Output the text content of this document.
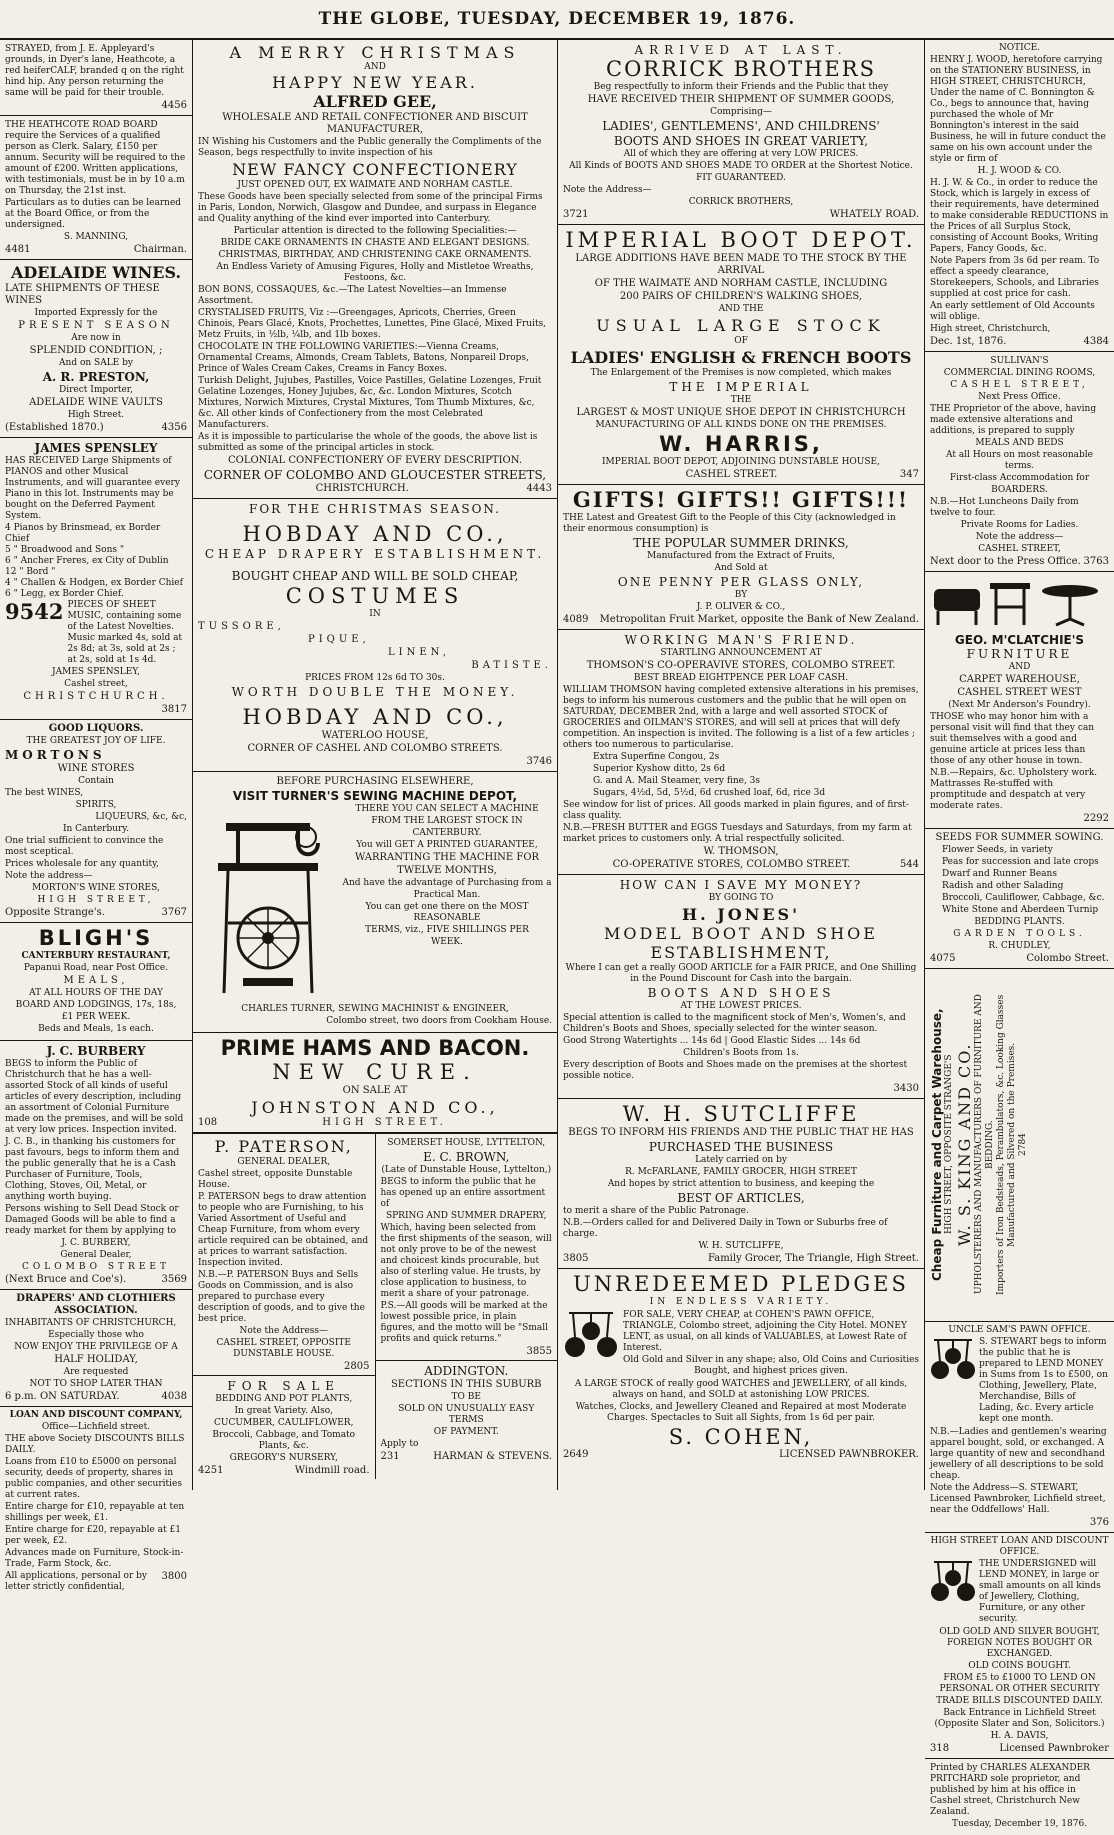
THE GLOBE, TUESDAY, DECEMBER 19, 1876.

STRAYED, from J. E. Appleyard's grounds, in Dyer's lane, Heathcote, a red heiferCALF, branded q on the right hind hip. Any person returning the same will be paid for their trouble.

4456

THE HEATHCOTE ROAD BOARD require the Services of a qualified person as Clerk. Salary, £150 per annum. Security will be required to the amount of £200. Written applications, with testimonials, must be in by 10 a.m on Thursday, the 21st inst.

Particulars as to duties can be learned at the Board Office, or from the undersigned.

S. MANNING,

4481	Chairman.
ADELAIDE WINES.

LATE SHIPMENTS OF THESE WINES

Imported Expressly for the

PRESENT SEASON

Are now in

SPLENDID CONDITION, ;

And on SALE by

A. R. PRESTON,

Direct Importer,

ADELAIDE WINE VAULTS

High Street.

(Established 1870.)	4356
JAMES SPENSLEY

HAS RECEIVED Large Shipments of PIANOS and other Musical Instruments, and will guarantee every Piano in this lot. Instruments may be bought on the Deferred Payment System.

4 Pianos by Brinsmead, ex Border Chief
5 " Broadwood and Sons "
6 " Ancher Freres, ex City of Dublin
12 " Bord "
4 " Challen & Hodgen, ex Border Chief
6 " Legg, ex Border Chief.
9542 PIECES OF SHEET MUSIC, containing some of the Latest Novelties. Music marked 4s, sold at 2s 8d; at 3s, sold at 2s ; at 2s, sold at 1s 4d.

JAMES SPENSLEY,

Cashel street,

CHRISTCHURCH.

3817
GOOD LIQUORS.

THE GREATEST JOY OF LIFE.

MORTONS

WINE STORES

Contain

The best WINES,

SPIRITS,

LIQUEURS, &c, &c,

In Canterbury.

One trial sufficient to convince the most sceptical.

Prices wholesale for any quantity,

Note the address—

MORTON'S WINE STORES,

HIGH STREET,

Opposite Strange's.	3767
BLIGH'S

CANTERBURY RESTAURANT,

Papanui Road, near Post Office.

MEALS,

AT ALL HOURS OF THE DAY

BOARD AND LODGINGS, 17s, 18s,

£1 PER WEEK.

Beds and Meals, 1s each.

J. C. BURBERY

BEGS to inform the Public of Christchurch that he has a well-assorted Stock of all kinds of useful articles of every description, including an assortment of Colonial Furniture made on the premises, and will be sold at very low prices. Inspection invited.

J. C. B., in thanking his customers for past favours, begs to inform them and the public generally that he is a Cash Purchaser of Furniture, Tools, Clothing, Stoves, Oil, Metal, or anything worth buying.

Persons wishing to Sell Dead Stock or Damaged Goods will be able to find a ready market for them by applying to

J. C. BURBERY,

General Dealer,

COLOMBO STREET

(Next Bruce and Coe's).	3569
DRAPERS' AND CLOTHIERS ASSOCIATION.

INHABITANTS OF CHRISTCHURCH,

Especially those who

NOW ENJOY THE PRIVILEGE OF A

HALF HOLIDAY,

Are requested

NOT TO SHOP LATER THAN

6 p.m. ON SATURDAY.	4038
LOAN AND DISCOUNT COMPANY,

Office—Lichfield street.

THE above Society DISCOUNTS BILLS DAILY.

Loans from £10 to £5000 on personal security, deeds of property, shares in public companies, and other securities at current rates.

Entire charge for £10, repayable at ten shillings per week, £1.

Entire charge for £20, repayable at £1 per week, £2.

Advances made on Furniture, Stock-in-Trade, Farm Stock, &c.

All applications, personal or by letter strictly confidential,
3800
A MERRY CHRISTMAS
AND
HAPPY NEW YEAR.
ALFRED GEE,

WHOLESALE AND RETAIL CONFECTIONER AND BISCUIT MANUFACTURER,

IN Wishing his Customers and the Public generally the Compliments of the Season, begs respectfully to invite inspection of his

NEW FANCY CONFECTIONERY

JUST OPENED OUT, EX WAIMATE AND NORHAM CASTLE.

These Goods have been specially selected from some of the principal Firms in Paris, London, Norwich, Glasgow and Dundee, and surpass in Elegance and Quality anything of the kind ever imported into Canterbury.

Particular attention is directed to the following Specialities:—

BRIDE CAKE ORNAMENTS IN CHASTE AND ELEGANT DESIGNS.

CHRISTMAS, BIRTHDAY, AND CHRISTENING CAKE ORNAMENTS.

An Endless Variety of Amusing Figures, Holly and Mistletoe Wreaths, Festoons, &c.

BON BONS, COSSAQUES, &c.—The Latest Novelties—an Immense Assortment.

CRYSTALISED FRUITS, Viz :—Greengages, Apricots, Cherries, Green Chinois, Pears Glacé, Knots, Prochettes, Lunettes, Pine Glacé, Mixed Fruits, Metz Fruits, in ½lb, ¼lb, and 1lb boxes.

CHOCOLATE IN THE FOLLOWING VARIETIES:—Vienna Creams, Ornamental Creams, Almonds, Cream Tablets, Batons, Nonpareil Drops, Prince of Wales Cream Cakes, Creams in Fancy Boxes.

Turkish Delight, Jujubes, Pastilles, Voice Pastilles, Gelatine Lozenges, Fruit Gelatine Lozenges, Honey Jujubes, &c, &c. London Mixtures, Scotch Mixtures, Norwich Mixtures, Crystal Mixtures, Tom Thumb Mixtures, &c, &c. All other kinds of Confectionery from the most Celebrated Manufacturers.

As it is impossible to particularise the whole of the goods, the above list is submitted as some of the principal articles in stock.

COLONIAL CONFECTIONERY OF EVERY DESCRIPTION.

CORNER OF COLOMBO AND GLOUCESTER STREETS,

CHRISTCHURCH.	4443
FOR THE CHRISTMAS SEASON.
HOBDAY AND CO.,

CHEAP DRAPERY ESTABLISHMENT.

BOUGHT CHEAP AND WILL BE SOLD CHEAP,

COSTUMES

IN

TUSSORE,

PIQUE,

LINEN,

BATISTE.

PRICES FROM 12s 6d TO 30s.

WORTH DOUBLE THE MONEY.

HOBDAY AND CO.,

WATERLOO HOUSE,

CORNER OF CASHEL AND COLOMBO STREETS.

3746

BEFORE PURCHASING ELSEWHERE,

VISIT TURNER'S SEWING MACHINE DEPOT,

THERE YOU CAN SELECT A MACHINE

FROM THE LARGEST STOCK IN

CANTERBURY.

You will GET A PRINTED GUARANTEE,

WARRANTING THE MACHINE FOR

TWELVE MONTHS,

And have the advantage of Purchasing from a

Practical Man.

You can get one there on the MOST REASONABLE

TERMS, viz., FIVE SHILLINGS PER

WEEK.

CHARLES TURNER, SEWING MACHINIST & ENGINEER,

Colombo street, two doors from Cookham House.

PRIME HAMS AND BACON.
NEW CURE.

ON SALE AT

JOHNSTON AND CO.,
108	HIGH STREET.
P. PATERSON,

GENERAL DEALER,

Cashel street, opposite Dunstable House.

P. PATERSON begs to draw attention to people who are Furnishing, to his Varied Assortment of Useful and Cheap Furniture, from whom every article required can be obtained, and at prices to warrant satisfaction. Inspection invited.

N.B.—P. PATERSON Buys and Sells Goods on Commission, and is also prepared to purchase every description of goods, and to give the best price.

Note the Address—

CASHEL STREET, OPPOSITE DUNSTABLE HOUSE.

2805
FOR SALE

BEDDING AND POT PLANTS,

In great Variety. Also,

CUCUMBER, CAULIFLOWER,

Broccoli, Cabbage, and Tomato Plants, &c.

GREGORY'S NURSERY,

4251	Windmill road.

SOMERSET HOUSE, LYTTELTON,

E. C. BROWN,

(Late of Dunstable House, Lyttelton,)

BEGS to inform the public that he has opened up an entire assortment of

SPRING AND SUMMER DRAPERY,

Which, having been selected from the first shipments of the season, will not only prove to be of the newest and choicest kinds procurable, but also of sterling value. He trusts, by close application to business, to merit a share of your patronage.

P.S.—All goods will be marked at the lowest possible price, in plain figures, and the motto will be "Small profits and quick returns."

3855
ADDINGTON.

SECTIONS IN THIS SUBURB

TO BE

SOLD ON UNUSUALLY EASY TERMS

OF PAYMENT.

Apply to

231	HARMAN & STEVENS.
ARRIVED AT LAST.
CORRICK BROTHERS

Beg respectfully to inform their Friends and the Public that they

HAVE RECEIVED THEIR SHIPMENT OF SUMMER GOODS,

Comprising—

LADIES', GENTLEMENS', AND CHILDRENS'

BOOTS AND SHOES IN GREAT VARIETY,

All of which they are offering at very LOW PRICES.

All Kinds of BOOTS AND SHOES MADE TO ORDER at the Shortest Notice.

FIT GUARANTEED.

Note the Address—

CORRICK BROTHERS,

3721	WHATELY ROAD.
IMPERIAL BOOT DEPOT.

LARGE ADDITIONS HAVE BEEN MADE TO THE STOCK BY THE ARRIVAL

OF THE WAIMATE AND NORHAM CASTLE, INCLUDING

200 PAIRS OF CHILDREN'S WALKING SHOES,

AND THE

USUAL LARGE STOCK

OF

LADIES' ENGLISH & FRENCH BOOTS

The Enlargement of the Premises is now completed, which makes

THE IMPERIAL

THE

LARGEST & MOST UNIQUE SHOE DEPOT IN CHRISTCHURCH

MANUFACTURING OF ALL KINDS DONE ON THE PREMISES.

W. HARRIS,

IMPERIAL BOOT DEPOT, ADJOINING DUNSTABLE HOUSE,

CASHEL STREET.	347
GIFTS! GIFTS!! GIFTS!!!

THE Latest and Greatest Gift to the People of this City (acknowledged in their enormous consumption) is

THE POPULAR SUMMER DRINKS,

Manufactured from the Extract of Fruits,

And Sold at

ONE PENNY PER GLASS ONLY,

BY

J. P. OLIVER & CO.,

4089 Metropolitan Fruit Market, opposite the Bank of New Zealand.
WORKING MAN'S FRIEND.

STARTLING ANNOUNCEMENT AT

THOMSON'S CO-OPERAVIVE STORES, COLOMBO STREET.

BEST BREAD EIGHTPENCE PER LOAF CASH.

WILLIAM THOMSON having completed extensive alterations in his premises, begs to inform his numerous customers and the public that he will open on SATURDAY, DECEMBER 2nd, with a large and well assorted STOCK of GROCERIES and OILMAN'S STORES, and will sell at prices that will defy competition. An inspection is invited. The following is a list of a few articles ; others too numerous to particularise.

Extra Superfine Congou, 2s

Superior Kyshow ditto, 2s 6d

G. and A. Mail Steamer, very fine, 3s

Sugars, 4½d, 5d, 5½d, 6d crushed loaf, 6d, rice 3d

See window for list of prices. All goods marked in plain figures, and of first-class quality.

N.B.—FRESH BUTTER and EGGS Tuesdays and Saturdays, from my farm at market prices to customers only. A trial respectfully solicited.

W. THOMSON,

CO-OPERATIVE STORES, COLOMBO STREET.	544
HOW CAN I SAVE MY MONEY?

BY GOING TO

H. JONES'
MODEL BOOT AND SHOE
ESTABLISHMENT,

Where I can get a really GOOD ARTICLE for a FAIR PRICE, and One Shilling in the Pound Discount for Cash into the bargain.

BOOTS AND SHOES

AT THE LOWEST PRICES.

Special attention is called to the magnificent stock of Men's, Women's, and Children's Boots and Shoes, specially selected for the winter season.

Good Strong Watertights ... 14s 6d | Good Elastic Sides ... 14s 6d

Children's Boots from 1s.

Every description of Boots and Shoes made on the premises at the shortest possible notice.

3430
W. H. SUTCLIFFE

BEGS TO INFORM HIS FRIENDS AND THE PUBLIC THAT HE HAS

PURCHASED THE BUSINESS

Lately carried on by

R. McFARLANE, FAMILY GROCER, HIGH STREET

And hopes by strict attention to business, and keeping the

BEST OF ARTICLES,

to merit a share of the Public Patronage.

N.B.—Orders called for and Delivered Daily in Town or Suburbs free of charge.

W. H. SUTCLIFFE,

3805	Family Grocer, The Triangle, High Street.
UNREDEEMED PLEDGES

IN ENDLESS VARIETY.

FOR SALE, VERY CHEAP, at COHEN'S PAWN OFFICE, TRIANGLE, Colombo street, adjoining the City Hotel. MONEY LENT, as usual, on all kinds of VALUABLES, at Lowest Rate of Interest.

Old Gold and Silver in any shape; also, Old Coins and Curiosities Bought, and highest prices given.

A LARGE STOCK of really good WATCHES and JEWELLERY, of all kinds, always on hand, and SOLD at astonishing LOW PRICES.

Watches, Clocks, and Jewellery Cleaned and Repaired at most Moderate Charges. Spectacles to Suit all Sights, from 1s 6d per pair.

S. COHEN,
2649	LICENSED PAWNBROKER.
NOTICE.

HENRY J. WOOD, heretofore carrying on the STATIONERY BUSINESS, in HIGH STREET, CHRISTCHURCH, Under the name of C. Bonnington & Co., begs to announce that, having purchased the whole of Mr Bonnington's interest in the said Business, he will in future conduct the same on his own account under the style or firm of

H. J. WOOD & CO.

H. J. W. & Co., in order to reduce the Stock, which is largely in excess of their requirements, have determined to make considerable REDUCTIONS in the Prices of all Surplus Stock, consisting of Account Books, Writing Papers, Fancy Goods, &c.

Note Papers from 3s 6d per ream. To effect a speedy clearance, Storekeepers, Schools, and Libraries supplied at cost price for cash.

An early settlement of Old Accounts will oblige.

High street, Christchurch,

Dec. 1st, 1876.	4384

SULLIVAN'S

COMMERCIAL DINING ROOMS,

CASHEL STREET,

Next Press Office.

THE Proprietor of the above, having made extensive alterations and additions, is prepared to supply

MEALS AND BEDS

At all Hours on most reasonable terms.

First-class Accommodation for

BOARDERS.

N.B.—Hot Luncheons Daily from twelve to four.

Private Rooms for Ladies.

Note the address—

CASHEL STREET,

Next door to the Press Office. 3763
GEO. M'CLATCHIE'S
FURNITURE

AND

CARPET WAREHOUSE,

CASHEL STREET WEST

(Next Mr Anderson's Foundry).

THOSE who may honor him with a personal visit will find that they can suit themselves with a good and genuine article at prices less than those of any other house in town.

N.B.—Repairs, &c. Upholstery work. Mattrasses Re-stuffed with promptitude and despatch at very moderate rates.

2292
SEEDS FOR SUMMER SOWING.

Flower Seeds, in variety

Peas for succession and late crops

Dwarf and Runner Beans

Radish and other Salading

Broccoli, Cauliflower, Cabbage, &c.

White Stone and Aberdeen Turnip

BEDDING PLANTS.

GARDEN TOOLS.

R. CHUDLEY,

4075	Colombo Street.
Cheap Furniture and Carpet Warehouse, HIGH STREET, OPPOSITE STRANGE'S W. S. KING AND CO. UPHOLSTERERS AND MANUFACTURERS OF FURNITURE AND BEDDING. Importers of Iron Bedsteads, Perambulators, &c. Looking Glasses Manufactured and Silvered on the Premises. 2784
UNCLE SAM'S PAWN OFFICE.

S. STEWART begs to inform the public that he is prepared to LEND MONEY in Sums from 1s to £500, on Clothing, Jewellery, Plate, Merchandise, Bills of Lading, &c. Every article kept one month.

N.B.—Ladies and gentlemen's wearing apparel bought, sold, or exchanged. A large quantity of new and secondhand jewellery of all descriptions to be sold cheap.

Note the Address—S. STEWART, Licensed Pawnbroker, Lichfield street, near the Oddfellows' Hall.

376
HIGH STREET LOAN AND DISCOUNT OFFICE.

THE UNDERSIGNED will LEND MONEY, in large or small amounts on all kinds of Jewellery, Clothing, Furniture, or any other security.

OLD GOLD AND SILVER BOUGHT, FOREIGN NOTES BOUGHT OR EXCHANGED.

OLD COINS BOUGHT.

FROM £5 to £1000 TO LEND ON PERSONAL OR OTHER SECURITY

TRADE BILLS DISCOUNTED DAILY.

Back Entrance in Lichfield Street (Opposite Slater and Son, Solicitors.)

H. A. DAVIS,

318	Licensed Pawnbroker

Printed by CHARLES ALEXANDER PRITCHARD sole proprietor, and published by him at his office in Cashel street, Christchurch New Zealand.

Tuesday, December 19, 1876.
